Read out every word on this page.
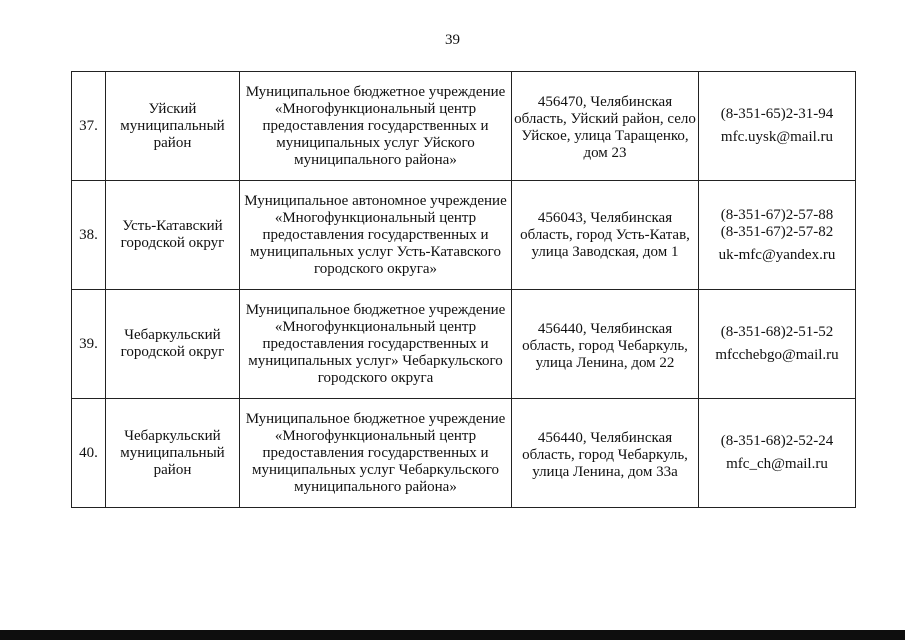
39
37.	Уйский муниципальный район	Муниципальное бюджетное учреждение «Многофункциональный центр предоставления государственных и муниципальных услуг Уйского муниципального района»	456470, Челябинская область, Уйский район, село Уйское, улица Таращенко, дом 23	(8-351-65)2-31-94
mfc.uysk@mail.ru

38.	Усть-Катавский городской округ	Муниципальное автономное учреждение «Многофункциональный центр предоставления государственных и муниципальных услуг Усть-Катавского городского округа»	456043, Челябинская область, город Усть-Катав, улица Заводская, дом 1	(8-351-67)2-57-88
(8-351-67)2-57-82
uk-mfc@yandex.ru

39.	Чебаркульский городской округ	Муниципальное бюджетное учреждение «Многофункциональный центр предоставления государственных и муниципальных услуг» Чебаркульского городского округа	456440, Челябинская область, город Чебаркуль, улица Ленина, дом 22	(8-351-68)2-51-52
mfcchebgo@mail.ru

40.	Чебаркульский муниципальный район	Муниципальное бюджетное учреждение «Многофункциональный центр предоставления государственных и муниципальных услуг Чебаркульского муниципального района»	456440, Челябинская область, город Чебаркуль, улица Ленина, дом 33а	(8-351-68)2-52-24
mfc_ch@mail.ru
